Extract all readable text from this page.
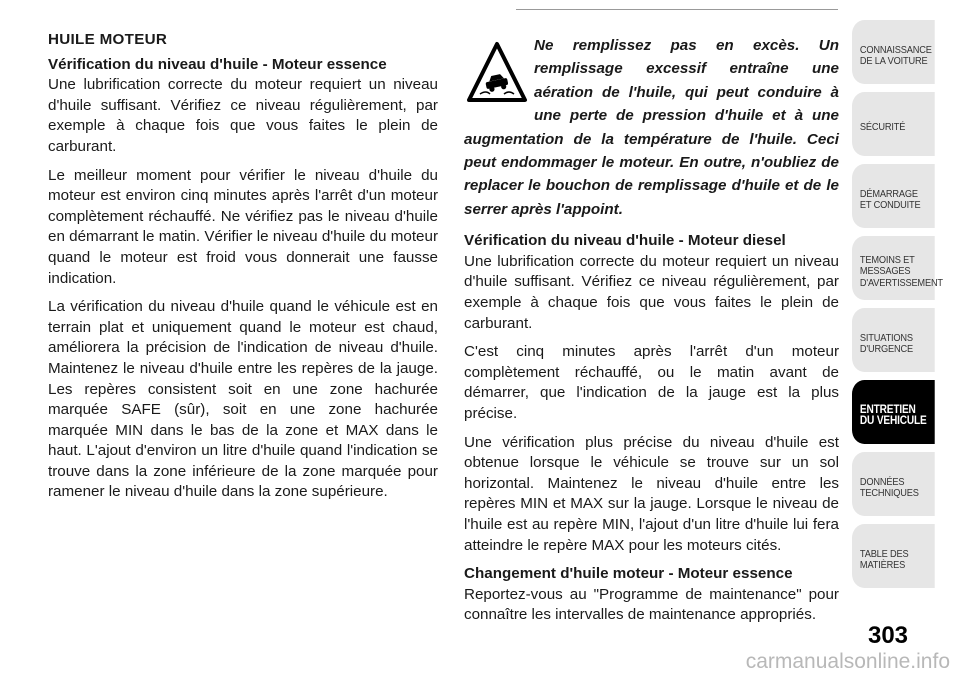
HUILE MOTEUR
Vérification du niveau d'huile - Moteur essence

Une lubrification correcte du moteur requiert un niveau d'huile suffisant. Vérifiez ce niveau régulièrement, par exemple à chaque fois que vous faites le plein de carburant.

Le meilleur moment pour vérifier le niveau d'huile du moteur est environ cinq minutes après l'arrêt d'un moteur complètement réchauffé. Ne vérifiez pas le niveau d'huile en démarrant le matin. Vérifier le niveau d'huile du moteur quand le moteur est froid vous donnerait une fausse indication.

La vérification du niveau d'huile quand le véhicule est en terrain plat et uniquement quand le moteur est chaud, améliorera la précision de l'indication de niveau d'huile. Maintenez le niveau d'huile entre les repères de la jauge. Les repères consistent soit en une zone hachurée marquée SAFE (sûr), soit en une zone hachurée marquée MIN dans le bas de la zone et MAX dans le haut. L'ajout d'environ un litre d'huile quand l'indication se trouve dans la zone inférieure de la zone marquée pour ramener le niveau d'huile dans la zone supérieure.

Ne remplissez pas en excès. Un remplissage excessif entraîne une aération de l'huile, qui peut conduire à une perte de pression d'huile et à une augmentation de la température de l'huile. Ceci peut endommager le moteur. En outre, n'oubliez de replacer le bouchon de remplissage d'huile et de le serrer après l'appoint.
Vérification du niveau d'huile - Moteur diesel

Une lubrification correcte du moteur requiert un niveau d'huile suffisant. Vérifiez ce niveau régulièrement, par exemple à chaque fois que vous faites le plein de carburant.

C'est cinq minutes après l'arrêt d'un moteur complètement réchauffé, ou le matin avant de démarrer, que l'indication de la jauge est la plus précise.

Une vérification plus précise du niveau d'huile est obtenue lorsque le véhicule se trouve sur un sol horizontal. Maintenez le niveau d'huile entre les repères MIN et MAX sur la jauge. Lorsque le niveau de l'huile est au repère MIN, l'ajout d'un litre d'huile lui fera atteindre le repère MAX pour les moteurs cités.

Changement d'huile moteur - Moteur essence

Reportez-vous au "Programme de maintenance" pour connaître les intervalles de maintenance appropriés.

CONNAISSANCE
DE LA VOITURE
SÉCURITÉ
DÉMARRAGE
ET CONDUITE
TEMOINS ET
MESSAGES
D'AVERTISSEMENT
SITUATIONS
D'URGENCE
ENTRETIEN
DU VEHICULE
DONNÉES
TECHNIQUES
TABLE DES
MATIÈRES
303
carmanualsonline.info
